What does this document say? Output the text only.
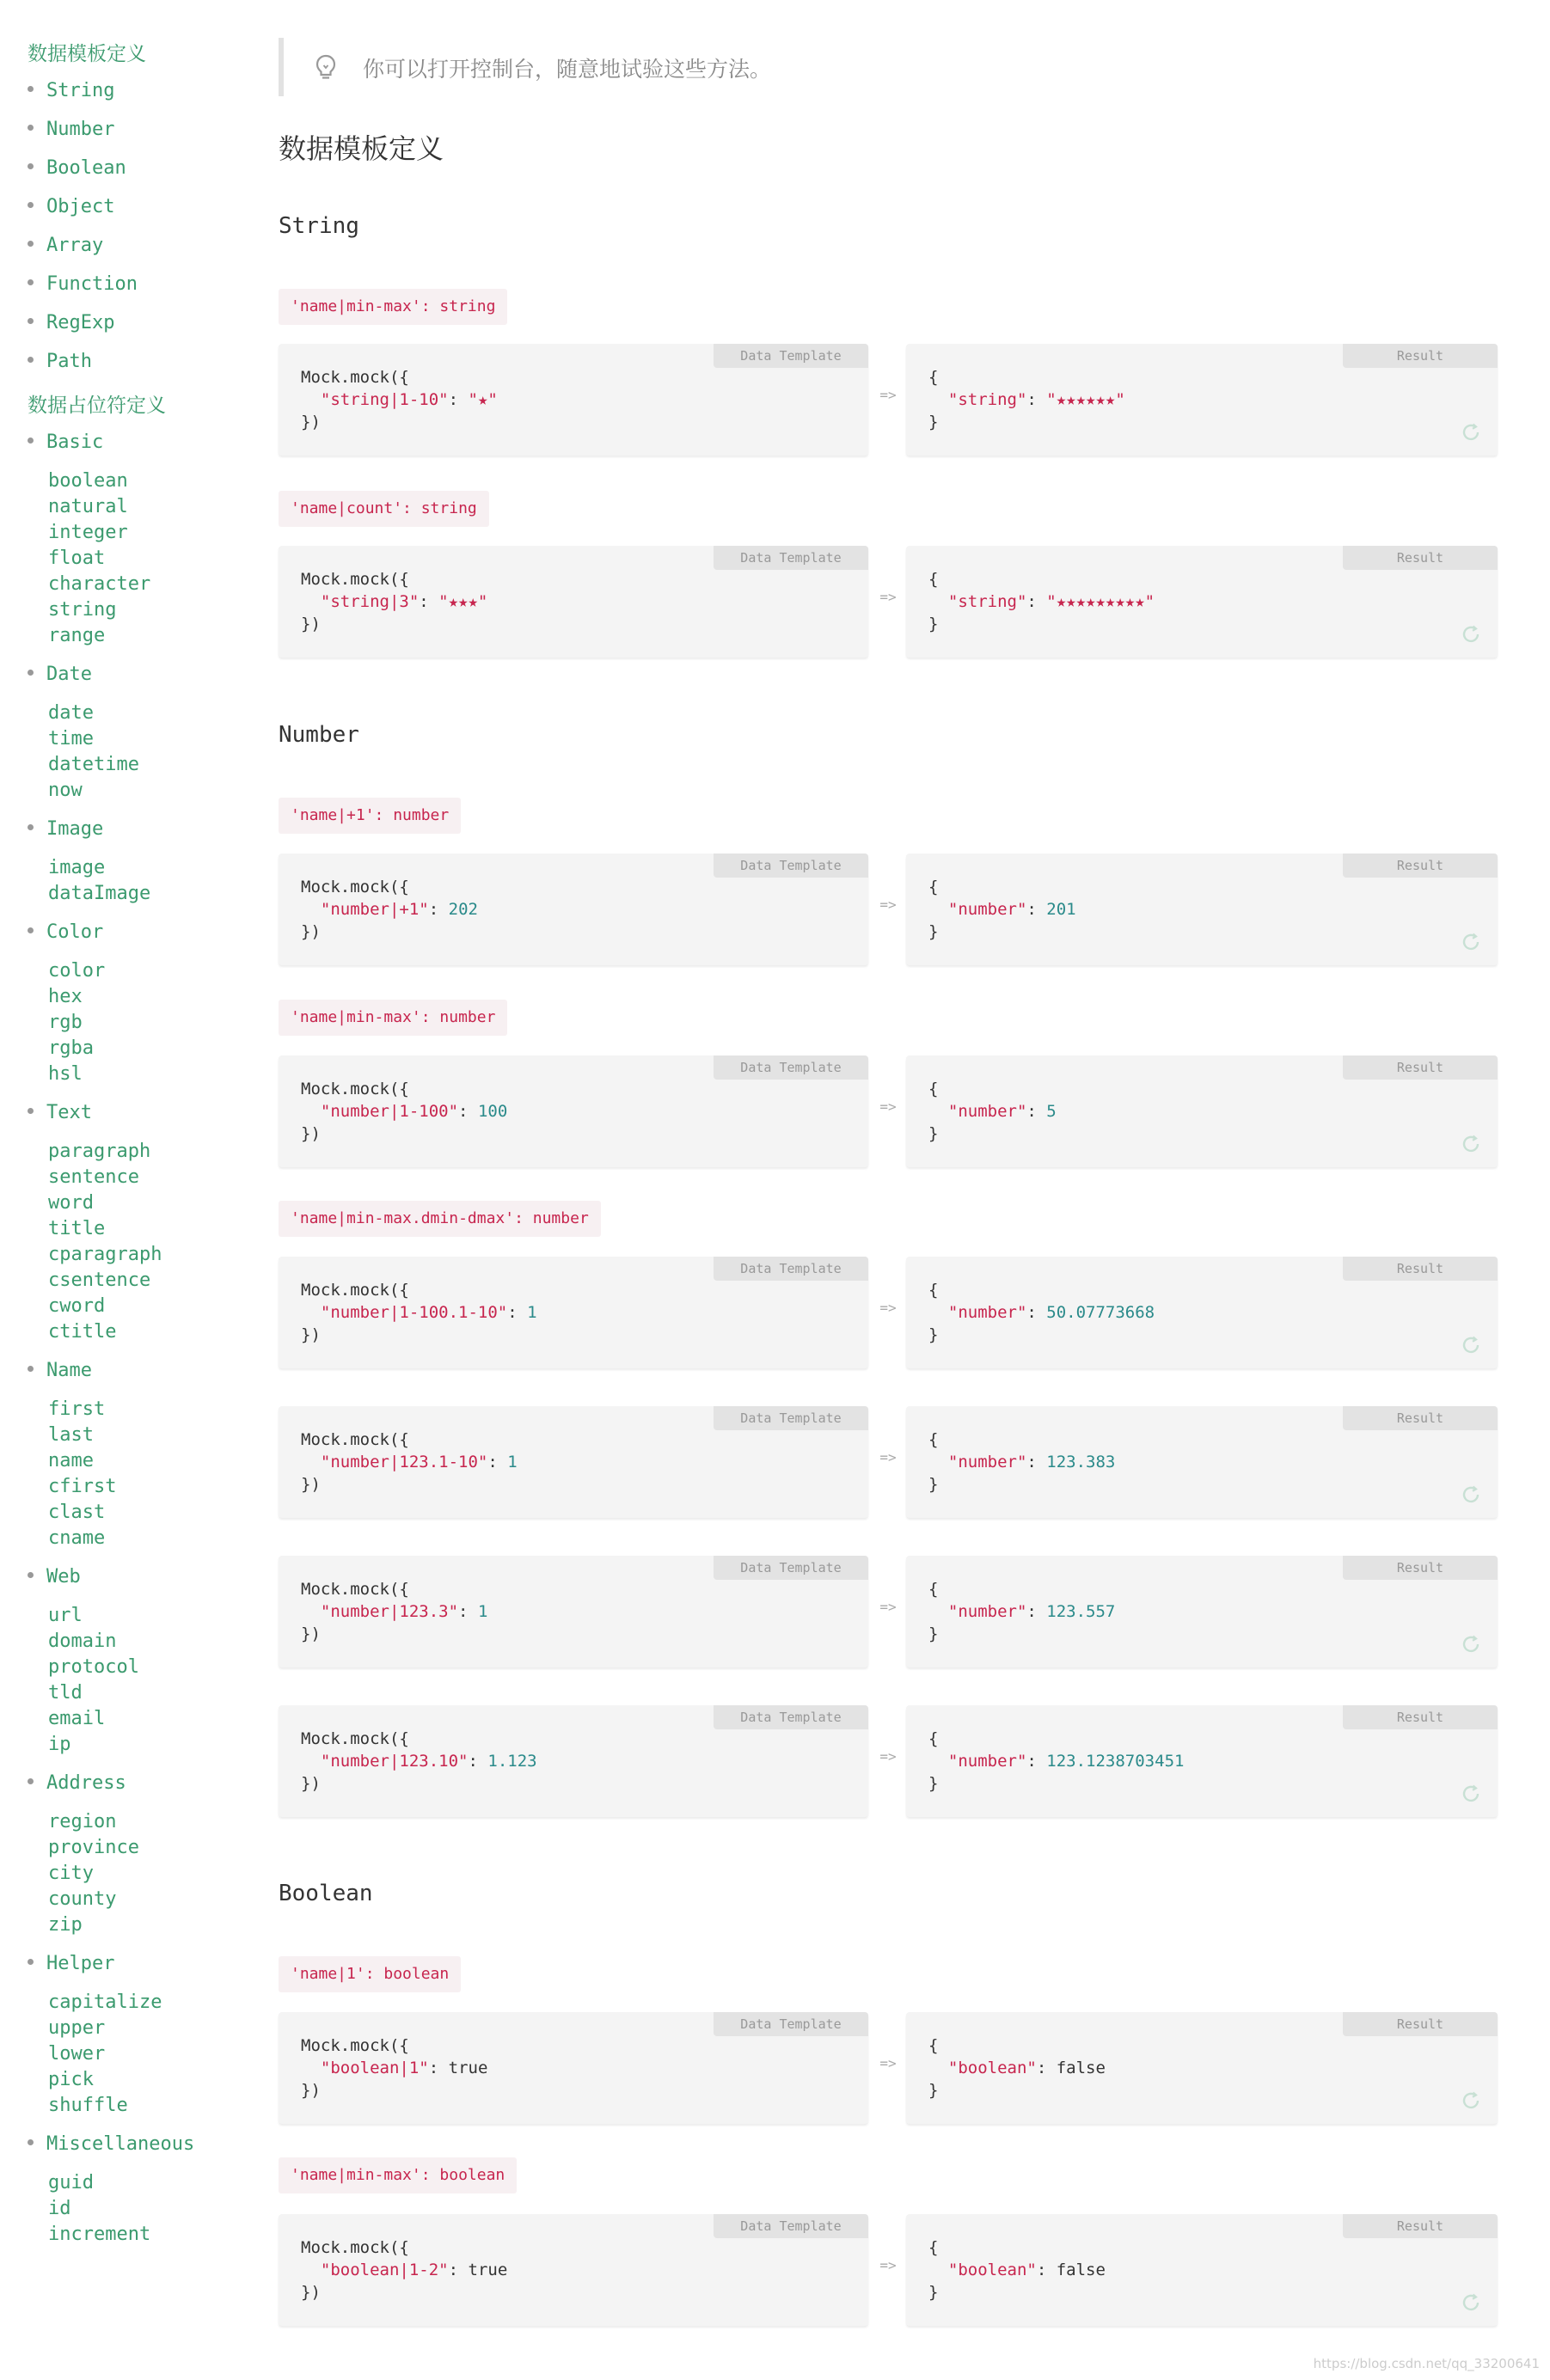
数据模板定义
String
Number
Boolean
Object
Array
Function
RegExp
Path
数据占位符定义
Basic
boolean
natural
integer
float
character
string
range
Date
date
time
datetime
now
Image
image
dataImage
Color
color
hex
rgb
rgba
hsl
Text
paragraph
sentence
word
title
cparagraph
csentence
cword
ctitle
Name
first
last
name
cfirst
clast
cname
Web
url
domain
protocol
tld
email
ip
Address
region
province
city
county
zip
Helper
capitalize
upper
lower
pick
shuffle
Miscellaneous
guid
id
increment
你可以打开控制台，随意地试验这些方法。
数据模板定义
String
'name|min-max': string
Data Template
Mock.mock({
"string|1-10": "★"
})
=>
Result
{
"string": "★★★★★★"
}
'name|count': string
Data Template
Mock.mock({
"string|3": "★★★"
})
=>
Result
{
"string": "★★★★★★★★★"
}
Number
'name|+1': number
Data Template
Mock.mock({
"number|+1": 202
})
=>
Result
{
"number": 201
}
'name|min-max': number
Data Template
Mock.mock({
"number|1-100": 100
})
=>
Result
{
"number": 5
}
'name|min-max.dmin-dmax': number
Data Template
Mock.mock({
"number|1-100.1-10": 1
})
=>
Result
{
"number": 50.07773668
}
Data Template
Mock.mock({
"number|123.1-10": 1
})
=>
Result
{
"number": 123.383
}
Data Template
Mock.mock({
"number|123.3": 1
})
=>
Result
{
"number": 123.557
}
Data Template
Mock.mock({
"number|123.10": 1.123
})
=>
Result
{
"number": 123.1238703451
}
Boolean
'name|1': boolean
Data Template
Mock.mock({
"boolean|1": true
})
=>
Result
{
"boolean": false
}
'name|min-max': boolean
Data Template
Mock.mock({
"boolean|1-2": true
})
=>
Result
{
"boolean": false
}
https://blog.csdn.net/qq_33200641
